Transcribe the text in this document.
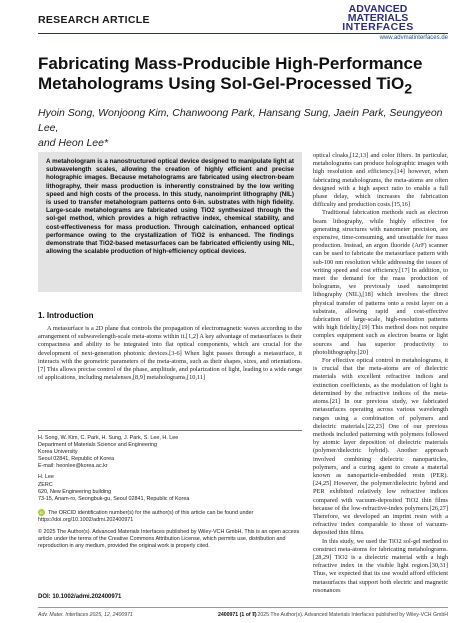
RESEARCH ARTICLE
ADVANCED
MATERIALS
INTERFACES
www.advmatinterfaces.de
Fabricating Mass-Producible High-Performance
Metaholograms Using Sol-Gel-Processed TiO$_2$
Hyoin Song, Wonjoong Kim, Chanwoong Park, Hansang Sung, Jaein Park, Seungyeon Lee,
and Heon Lee*
A metahologram is a nanostructured optical device designed to manipulate light at subwavelength scales, allowing the creation of highly efficient and precise holographic images. Because metaholograms are fabricated using electron-beam lithography, their mass production is inherently constrained by the low writing speed and high costs of the process. In this study, nanoimprint lithography (NIL) is used to transfer metahologram patterns onto 6-in. substrates with high fidelity. Large-scale metaholograms are fabricated using TiO2 synthesized through the sol-gel method, which provides a high refractive index, chemical stability, and cost-effectiveness for mass production. Through calcination, enhanced optical performance owing to the crystallization of TiO2 is enhanced. The findings demonstrate that TiO2-based metasurfaces can be fabricated efficiently using NIL, allowing the scalable production of high-efficiency optical devices.
1. Introduction

A metasurface is a 2D plane that controls the propagation of electromagnetic waves according to the arrangement of subwavelength-scale meta-atoms within it.[1,2] A key advantage of metasurfaces is their compactness and ability to be integrated into flat optical components, which are crucial for the development of next-generation photonic devices.[3-6] When light passes through a metasurface, it interacts with the geometric parameters of the meta-atoms, such as their shapes, sizes, and orientations.[7] This allows precise control of the phase, amplitude, and polarization of light, leading to a wide range of applications, including metalenses,[8,9] metaholograms,[10,11]

H. Song, W. Kim, C. Park, H. Sung, J. Park, S. Lee, H. Lee
Department of Materials Science and Engineering
Korea University
Seoul 02841, Republic of Korea
E-mail: heonlee@korea.ac.kr
H. Lee
ZERC
620, New Engineering building
73-15, Anam-ro, Seongbuk-gu, Seoul 02841, Republic of Korea
iD The ORCID identification number(s) for the author(s) of this article can be found under https://doi.org/10.1002/admi.202400971
© 2025 The Author(s). Advanced Materials Interfaces published by Wiley-VCH GmbH. This is an open access article under the terms of the Creative Commons Attribution License, which permits use, distribution and reproduction in any medium, provided the original work is properly cited.
DOI: 10.1002/admi.202400971

optical cloaks,[12,13] and color filters. In particular, metaholograms can produce holographic images with high resolution and efficiency.[14] however, when fabricating metaholograms, the meta-atoms are often designed with a high aspect ratio to enable a full phase delay, which increases the fabrication difficulty and production costs.[15,16]

Traditional fabrication methods such as electron beam lithography, while highly effective for generating structures with nanometer precision, are expensive, time-consuming, and unsuitable for mass production. Instead, an argon fluoride (ArF) scanner can be used to fabricate the metasurface pattern with sub-100 nm resolution while addressing the issues of writing speed and cost efficiency.[17] In addition, to meet the demand for the mass production of holograms, we previously used nanoimprint lithography (NIL),[18] which involves the direct physical transfer of patterns onto a resist layer on a substrate, allowing rapid and cost-effective fabrication of large-scale, high-resolution patterns with high fidelity.[19] This method does not require complex equipment such as electron beams or light sources and has superior productivity to photolithography.[20]

For effective optical control in metaholograms, it is crucial that the meta-atoms are of dielectric materials with excellent refractive indices and extinction coefficients, as the modulation of light is determined by the refractive indices of the meta-atoms.[21] In our previous study, we fabricated metasurfaces operating across various wavelength ranges using a combination of polymers and dielectric materials.[22,23] One of our previous methods included patterning with polymers followed by atomic layer deposition of dielectric materials (polymer/dielectric hybrid). Another approach involved combining dielectric nanoparticles, polymers, and a curing agent to create a material known as nanoparticle-embedded resin (PER).[24,25] However, the polymer/dielectric hybrid and PER exhibited relatively low refractive indices compared with vacuum-deposited TiO2 thin films because of the low-refractive-index polymers.[26,27] Therefore, we developed an imprint resin with a refractive index comparable to those of vacuum-deposited thin films.

In this study, we used the TiO2 sol-gel method to construct meta-atoms for fabricating metaholograms.[28,29] TiO2 is a dielectric material with a high refractive index in the visible light region.[30,31] Thus, we expected that its use would afford efficient metasurfaces that support both electric and magnetic resonances

Adv. Mater. Interfaces 2025, 12, 2400971	2400971 (1 of 7)
© 2025 The Author(s). Advanced Materials Interfaces published by Wiley-VCH GmbH
